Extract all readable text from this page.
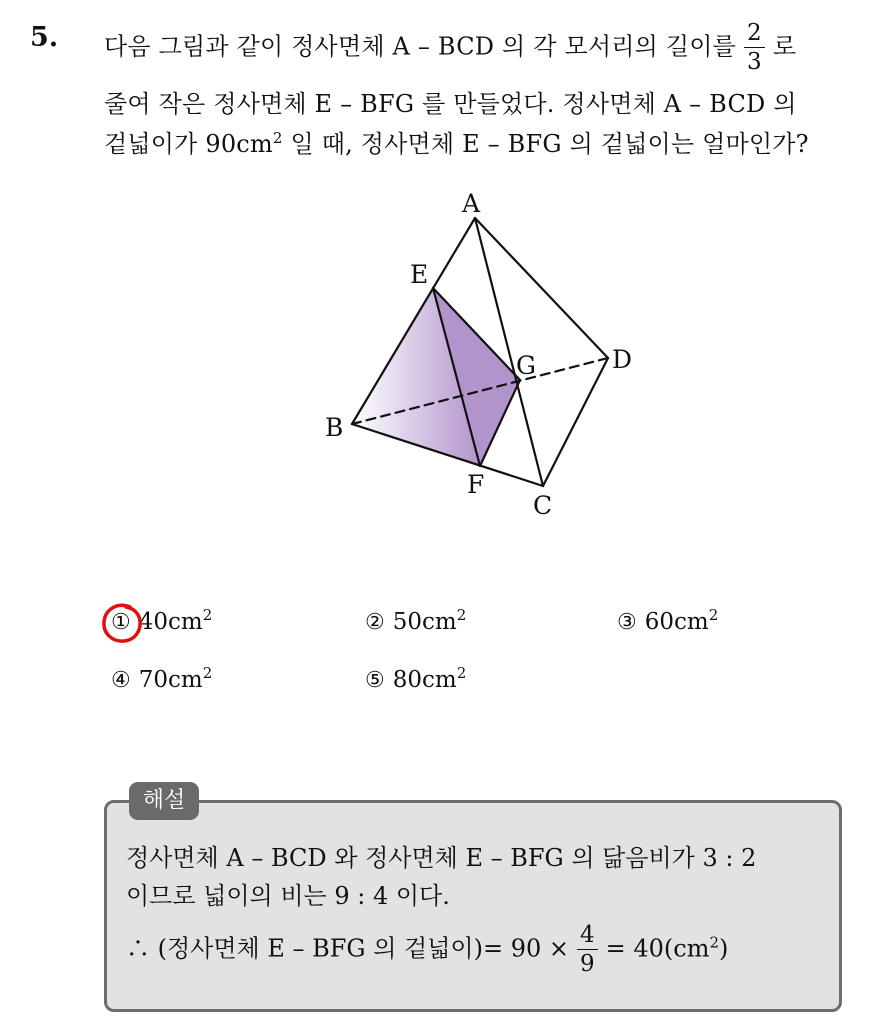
5. 다음 그림과 같이 정사면체 A – BCD 의 각 모서리의 길이를 $\frac{2}{3}$ 로
줄여 작은 정사면체 E – BFG 를 만들었다. 정사면체 A – BCD 의
겉넓이가 $90cm^2$ 일 때, 정사면체 E – BFG 의 겉넓이는 얼마인가?
A
E
G	D
B
F
C
① $40cm^2$	② $50cm^2$	③ $60cm^2$
④ $70cm^2$	⑤ $80cm^2$
해설
정사면체 A – BCD 와 정사면체 E – BFG 의 닮음비가 3 : 2
이므로 넓이의 비는 9 : 4 이다.
∴ (정사면체 E – BFG 의 겉넓이)= $90 \times \frac{4}{9} = 40(cm^2)$
